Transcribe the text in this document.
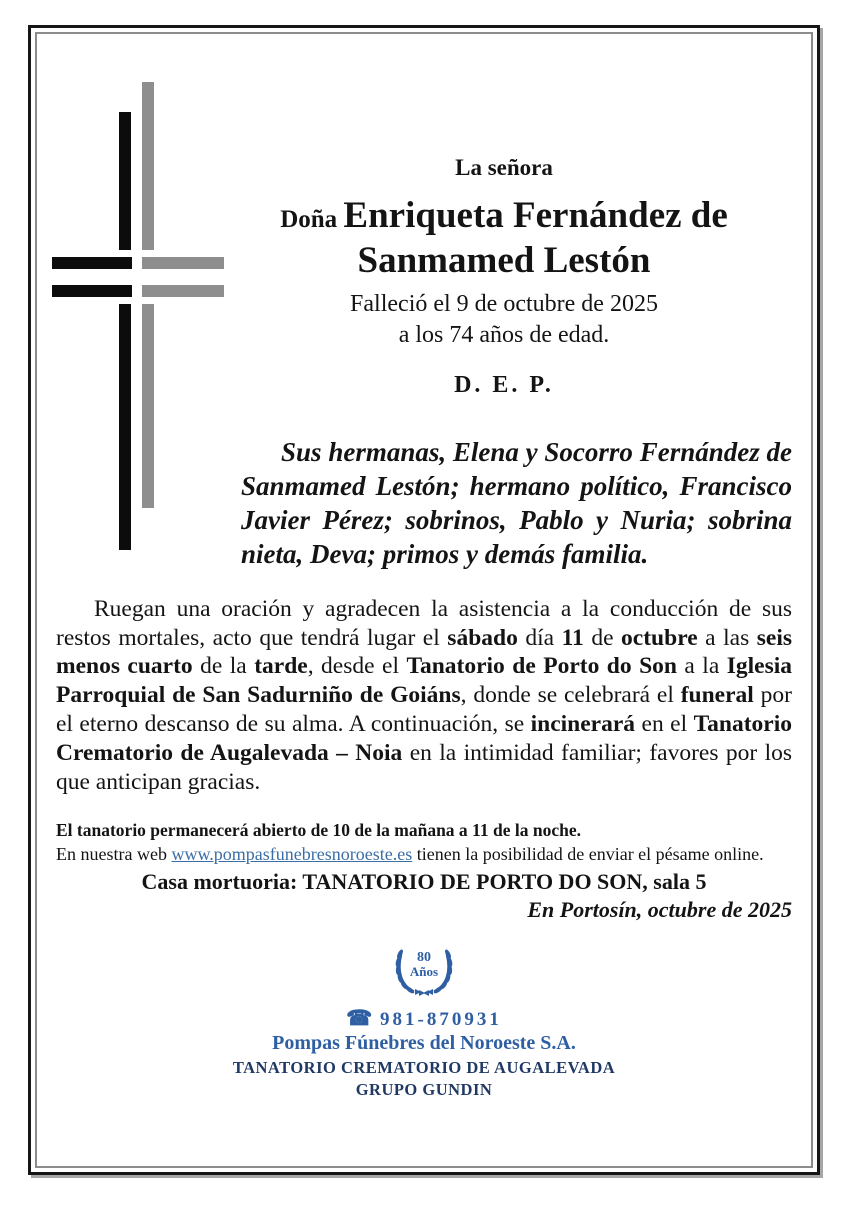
La señora

Doña Enriqueta Fernández de
Sanmamed Lestón

Falleció el 9 de octubre de 2025

a los 74 años de edad.

D. E. P.

Sus hermanas, Elena y Socorro Fernández de Sanmamed Lestón; hermano político, Francisco Javier Pérez; sobrinos, Pablo y Nuria; sobrina nieta, Deva; primos y demás familia.

Ruegan una oración y agradecen la asistencia a la conducción de sus restos mortales, acto que tendrá lugar el sábado día 11 de octubre a las seis menos cuarto de la tarde, desde el Tanatorio de Porto do Son a la Iglesia Parroquial de San Sadurniño de Goiáns, donde se celebrará el funeral por el eterno descanso de su alma. A continuación, se incinerará en el Tanatorio Crematorio de Augalevada – Noia en la intimidad familiar; favores por los que anticipan gracias.

El tanatorio permanecerá abierto de 10 de la mañana a 11 de la noche.
En nuestra web www.pompasfunebresnoroeste.es tienen la posibilidad de enviar el pésame online.
Casa mortuoria: TANATORIO DE PORTO DO SON, sala 5
En Portosín, octubre de 2025
80
Años
☎ 981-870931
Pompas Fúnebres del Noroeste S.A.
TANATORIO CREMATORIO DE AUGALEVADA
GRUPO GUNDIN
